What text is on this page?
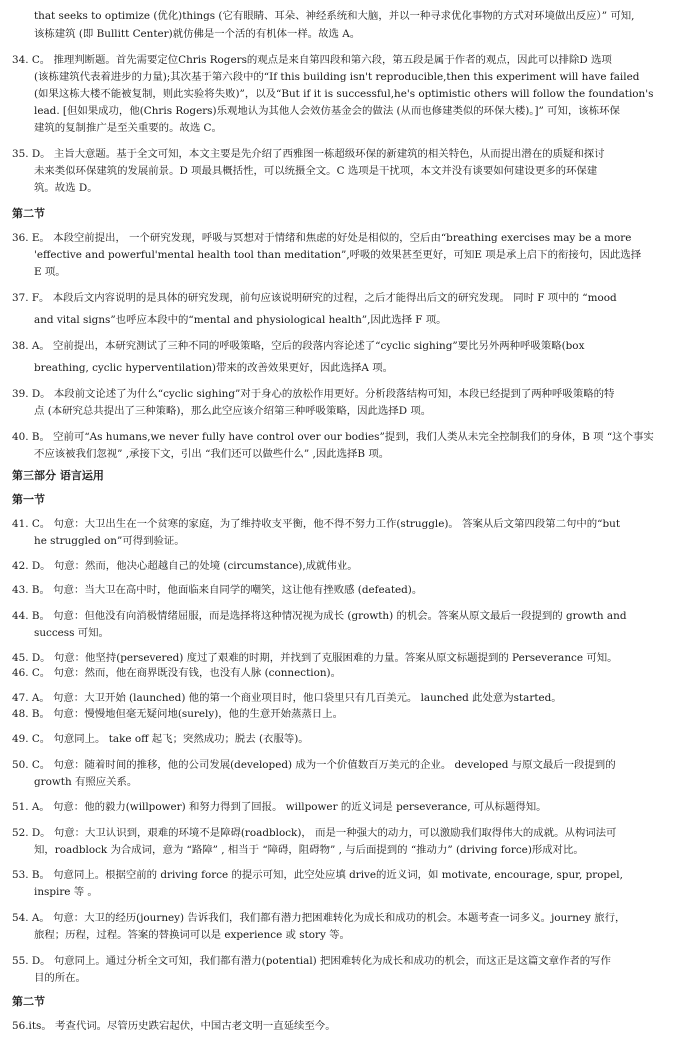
that seeks to optimize (优化)things (它有眼睛、耳朵、神经系统和大脑，并以一种寻求优化事物的方式对环境做出反应）” 可知,
该栋建筑 (即 Bullitt Center)就仿佛是一个活的有机体一样。故选 A。
34. C。 推理判断题。首先需要定位Chris Rogers的观点是来自第四段和第六段，第五段是属于作者的观点，因此可以排除D 选项
(该栋建筑代表着进步的力量);其次基于第六段中的“If this building isn't reproducible,then this experiment will have failed
(如果这栋大楼不能被复制，则此实验将失败)”，以及“But if it is successful,he's optimistic others will follow the foundation's
lead. [但如果成功，他(Chris Rogers)乐观地认为其他人会效仿基金会的做法 (从而也修建类似的环保大楼)。]” 可知，该栋环保
建筑的复制推广是至关重要的。故选 C。
35. D。 主旨大意题。基于全文可知，本文主要是先介绍了西雅图一栋超级环保的新建筑的相关特色，从而提出潜在的质疑和探讨
未来类似环保建筑的发展前景。D 项最具概括性，可以统摄全文。C 选项是干扰项，本文并没有谈要如何建设更多的环保建
筑。故选 D。
第二节
36. E。 本段空前提出， 一个研究发现，呼吸与冥想对于情绪和焦虑的好处是相似的，空后由“breathing exercises may be a more
'effective and powerful'mental health tool than meditation”,呼吸的效果甚至更好，可知E 项是承上启下的衔接句，因此选择
E 项。
37. F。 本段后文内容说明的是具体的研究发现，前句应该说明研究的过程，之后才能得出后文的研究发现。 同时 F 项中的 “mood
and vital signs”也呼应本段中的“mental and physiological health”,因此选择 F 项。
38. A。 空前提出，本研究测试了三种不同的呼吸策略，空后的段落内容论述了“cyclic sighing”要比另外两种呼吸策略(box
breathing, cyclic hyperventilation)带来的改善效果更好，因此选择A 项。
39. D。 本段前文论述了为什么“cyclic sighing”对于身心的放松作用更好。分析段落结构可知，本段已经提到了两种呼吸策略的特
点 (本研究总共提出了三种策略)，那么此空应该介绍第三种呼吸策略，因此选择D 项。
40. B。 空前可“As humans,we never fully have control over our bodies”提到，我们人类从未完全控制我们的身体，B 项 “这个事实
不应该被我们忽视” ,承接下文，引出 “我们还可以做些什么” ,因此选择B 项。
第三部分 语言运用
第一节
41. C。 句意：大卫出生在一个贫寒的家庭，为了维持收支平衡，他不得不努力工作(struggle)。 答案从后文第四段第二句中的“but
he struggled on”可得到验证。
42. D。 句意：然而，他决心超越自己的处境 (circumstance),成就伟业。
43. B。 句意：当大卫在高中时，他面临来自同学的嘲笑，这让他有挫败感 (defeated)。
44. B。 句意：但他没有向消极情绪屈服，而是选择将这种情况视为成长 (growth) 的机会。答案从原文最后一段提到的 growth and
success 可知。
45. D。 句意：他坚持(persevered) 度过了艰难的时期，并找到了克服困难的力量。答案从原文标题提到的 Perseverance 可知。
46. C。 句意：然而，他在商界既没有钱，也没有人脉 (connection)。
47. A。 句意：大卫开始 (launched) 他的第一个商业项目时，他口袋里只有几百美元。 launched 此处意为started。
48. B。 句意：慢慢地但毫无疑问地(surely)，他的生意开始蒸蒸日上。
49. C。 句意同上。 take off 起飞；突然成功；脱去 (衣服等)。
50. C。 句意：随着时间的推移，他的公司发展(developed) 成为一个价值数百万美元的企业。 developed 与原文最后一段提到的
growth 有照应关系。
51. A。 句意：他的毅力(willpower) 和努力得到了回报。 willpower 的近义词是 perseverance, 可从标题得知。
52. D。 句意：大卫认识到，艰难的环境不是障碍(roadblock)， 而是一种强大的动力，可以激励我们取得伟大的成就。从构词法可
知，roadblock 为合成词，意为 “路障” , 相当于 “障碍，阻碍物” , 与后面提到的 “推动力” (driving force)形成对比。
53. B。 句意同上。根据空前的 driving force 的提示可知，此空处应填 drive的近义词，如 motivate, encourage, spur, propel,
inspire 等 。
54. A。 句意：大卫的经历(journey) 告诉我们，我们都有潜力把困难转化为成长和成功的机会。本题考查一词多义。journey 旅行，
旅程；历程，过程。答案的替换词可以是 experience 或 story 等。
55. D。 句意同上。通过分析全文可知，我们都有潜力(potential) 把困难转化为成长和成功的机会，而这正是这篇文章作者的写作
目的所在。
第二节
56.its。 考查代词。尽管历史跌宕起伏，中国古老文明一直延续至今。
